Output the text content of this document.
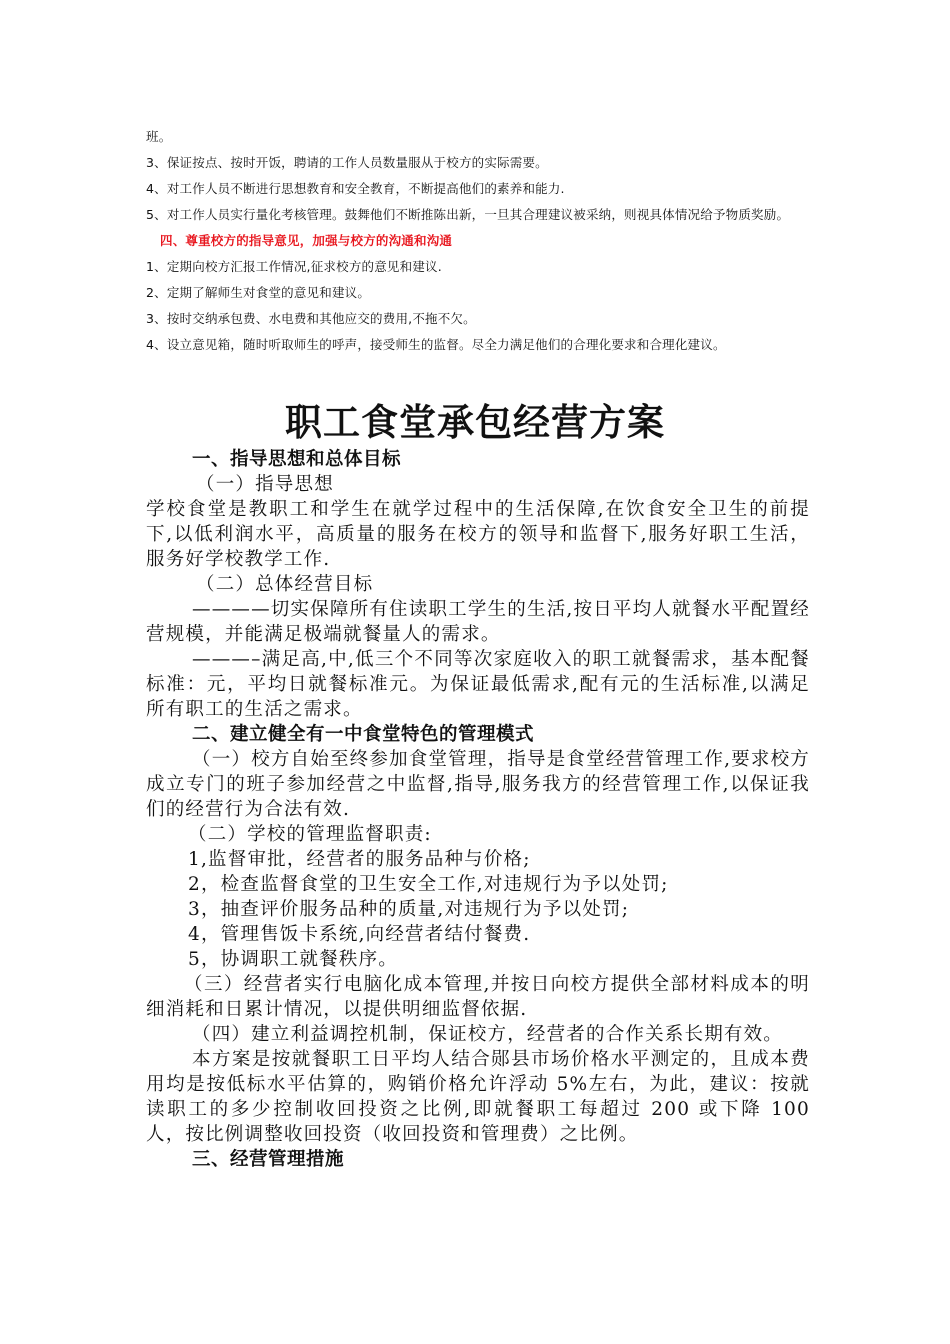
班。

3、保证按点、按时开饭，聘请的工作人员数量服从于校方的实际需要。

4、对工作人员不断进行思想教育和安全教育，不断提高他们的素养和能力.

5、对工作人员实行量化考核管理。鼓舞他们不断推陈出新，一旦其合理建议被采纳，则视具体情况给予物质奖励。

四、尊重校方的指导意见，加强与校方的沟通和沟通

1、定期向校方汇报工作情况,征求校方的意见和建议.

2、定期了解师生对食堂的意见和建议。

3、按时交纳承包费、水电费和其他应交的费用,不拖不欠。

4、设立意见箱，随时听取师生的呼声，接受师生的监督。尽全力满足他们的合理化要求和合理化建议。

职工食堂承包经营方案

一、指导思想和总体目标

（一）指导思想

学校食堂是教职工和学生在就学过程中的生活保障,在饮食安全卫生的前提下,以低利润水平，高质量的服务在校方的领导和监督下,服务好职工生活，服务好学校教学工作.

（二）总体经营目标

————切实保障所有住读职工学生的生活,按日平均人就餐水平配置经营规模，并能满足极端就餐量人的需求。

———–满足高,中,低三个不同等次家庭收入的职工就餐需求，基本配餐标准：元，平均日就餐标准元。为保证最低需求,配有元的生活标准,以满足所有职工的生活之需求。

二、建立健全有一中食堂特色的管理模式

（一）校方自始至终参加食堂管理，指导是食堂经营管理工作,要求校方成立专门的班子参加经营之中监督,指导,服务我方的经营管理工作,以保证我们的经营行为合法有效.

（二）学校的管理监督职责:

1,监督审批，经营者的服务品种与价格;

2，检查监督食堂的卫生安全工作,对违规行为予以处罚;

3，抽查评价服务品种的质量,对违规行为予以处罚;

4，管理售饭卡系统,向经营者结付餐费.

5，协调职工就餐秩序。

（三）经营者实行电脑化成本管理,并按日向校方提供全部材料成本的明细消耗和日累计情况，以提供明细监督依据.

（四）建立利益调控机制，保证校方，经营者的合作关系长期有效。

本方案是按就餐职工日平均人结合郧县市场价格水平测定的，且成本费用均是按低标水平估算的，购销价格允许浮动 5%左右，为此，建议：按就读职工的多少控制收回投资之比例,即就餐职工每超过 200 或下降 100 人，按比例调整收回投资（收回投资和管理费）之比例。

三、经营管理措施
